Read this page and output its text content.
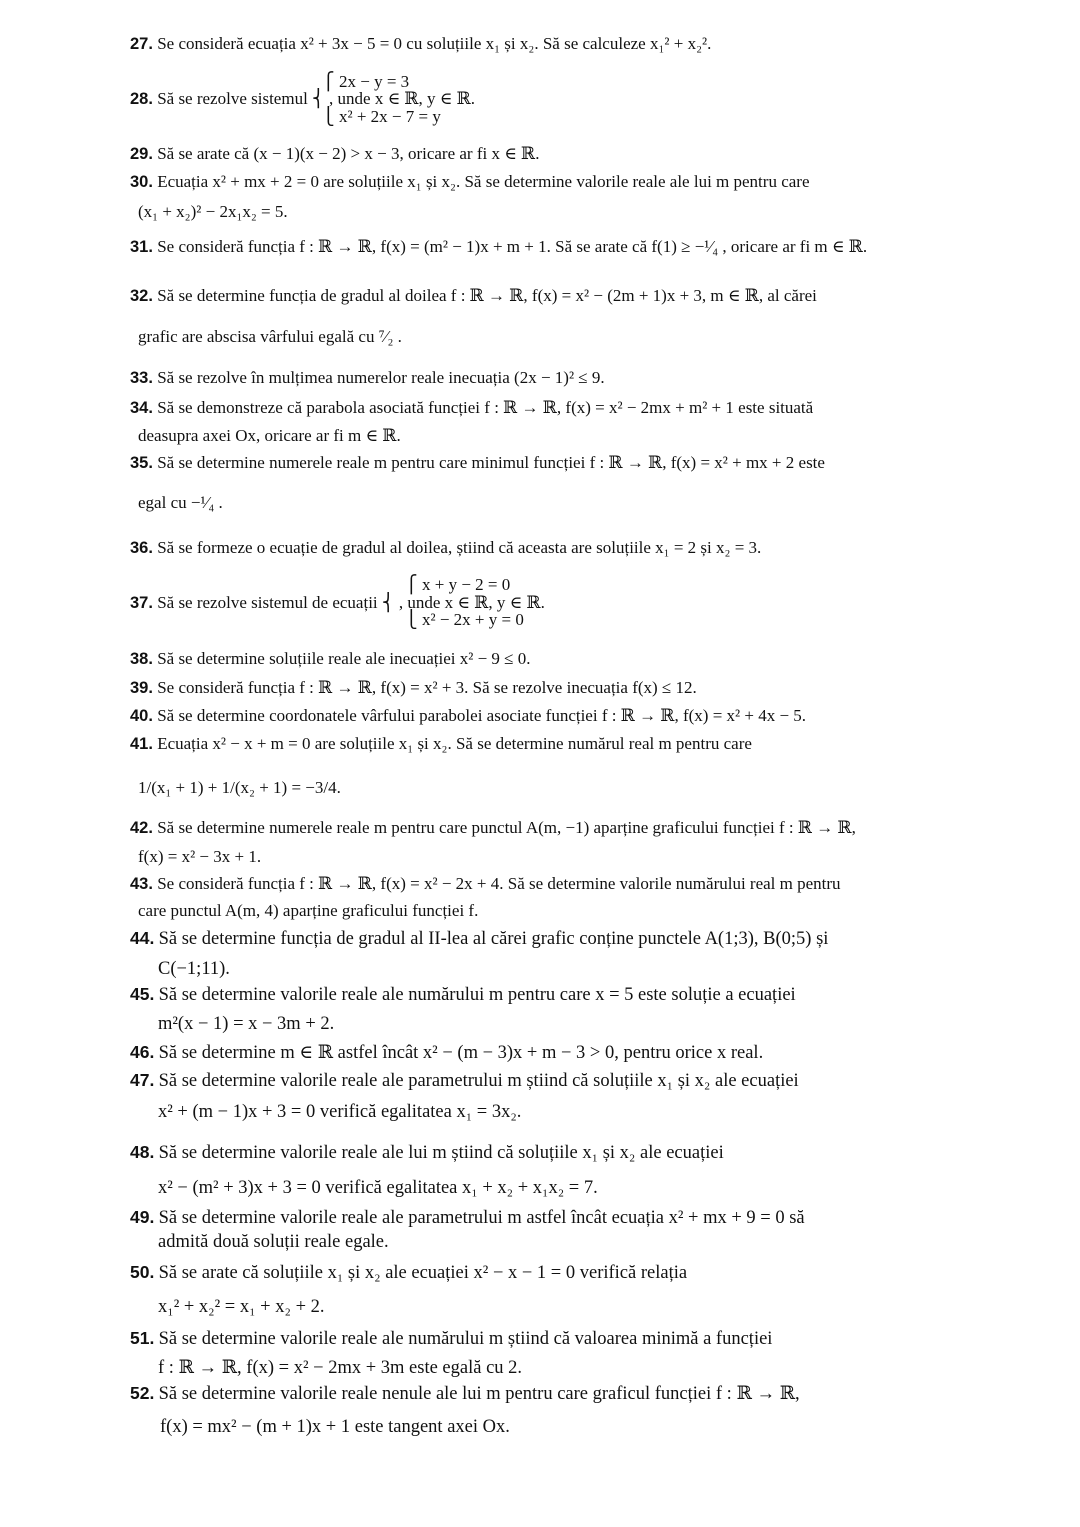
27. Se consideră ecuația x² + 3x − 5 = 0 cu soluțiile x₁ și x₂. Să se calculeze x₁² + x₂².
⎧ 2x − y = 3
28. Să se rezolve sistemul ⎨ , unde x ∈ ℝ, y ∈ ℝ.
⎩ x² + 2x − 7 = y
29. Să se arate că (x − 1)(x − 2) > x − 3, oricare ar fi x ∈ ℝ.
30. Ecuația x² + mx + 2 = 0 are soluțiile x₁ și x₂. Să se determine valorile reale ale lui m pentru care
(x₁ + x₂)² − 2x₁x₂ = 5.
31. Se consideră funcția f : ℝ → ℝ, f(x) = (m² − 1)x + m + 1. Să se arate că f(1) ≥ −¹⁄₄ , oricare ar fi m ∈ ℝ.
32. Să se determine funcția de gradul al doilea f : ℝ → ℝ, f(x) = x² − (2m + 1)x + 3, m ∈ ℝ, al cărei
grafic are abscisa vârfului egală cu ⁷⁄₂ .
33. Să se rezolve în mulțimea numerelor reale inecuația (2x − 1)² ≤ 9.
34. Să se demonstreze că parabola asociată funcției f : ℝ → ℝ, f(x) = x² − 2mx + m² + 1 este situată
deasupra axei Ox, oricare ar fi m ∈ ℝ.
35. Să se determine numerele reale m pentru care minimul funcției f : ℝ → ℝ, f(x) = x² + mx + 2 este
egal cu −¹⁄₄ .
36. Să se formeze o ecuație de gradul al doilea, știind că aceasta are soluțiile x₁ = 2 și x₂ = 3.
⎧ x + y − 2 = 0
37. Să se rezolve sistemul de ecuații ⎨ , unde x ∈ ℝ, y ∈ ℝ.
⎩ x² − 2x + y = 0
38. Să se determine soluțiile reale ale inecuației x² − 9 ≤ 0.
39. Se consideră funcția f : ℝ → ℝ, f(x) = x² + 3. Să se rezolve inecuația f(x) ≤ 12.
40. Să se determine coordonatele vârfului parabolei asociate funcției f : ℝ → ℝ, f(x) = x² + 4x − 5.
41. Ecuația x² − x + m = 0 are soluțiile x₁ și x₂. Să se determine numărul real m pentru care
1/(x₁ + 1) + 1/(x₂ + 1) = −3/4.
42. Să se determine numerele reale m pentru care punctul A(m, −1) aparține graficului funcției f : ℝ → ℝ,
f(x) = x² − 3x + 1.
43. Se consideră funcția f : ℝ → ℝ, f(x) = x² − 2x + 4. Să se determine valorile numărului real m pentru
care punctul A(m, 4) aparține graficului funcției f.
44. Să se determine funcția de gradul al II-lea al cărei grafic conține punctele A(1;3), B(0;5) și
C(−1;11).
45. Să se determine valorile reale ale numărului m pentru care x = 5 este soluție a ecuației
m²(x − 1) = x − 3m + 2.
46. Să se determine m ∈ ℝ astfel încât x² − (m − 3)x + m − 3 > 0, pentru orice x real.
47. Să se determine valorile reale ale parametrului m știind că soluțiile x₁ și x₂ ale ecuației
x² + (m − 1)x + 3 = 0 verifică egalitatea x₁ = 3x₂.
48. Să se determine valorile reale ale lui m știind că soluțiile x₁ și x₂ ale ecuației
x² − (m² + 3)x + 3 = 0 verifică egalitatea x₁ + x₂ + x₁x₂ = 7.
49. Să se determine valorile reale ale parametrului m astfel încât ecuația x² + mx + 9 = 0 să
admită două soluții reale egale.
50. Să se arate că soluțiile x₁ și x₂ ale ecuației x² − x − 1 = 0 verifică relația
x₁² + x₂² = x₁ + x₂ + 2.
51. Să se determine valorile reale ale numărului m știind că valoarea minimă a funcției
f : ℝ → ℝ, f(x) = x² − 2mx + 3m este egală cu 2.
52. Să se determine valorile reale nenule ale lui m pentru care graficul funcției f : ℝ → ℝ,
f(x) = mx² − (m + 1)x + 1 este tangent axei Ox.
